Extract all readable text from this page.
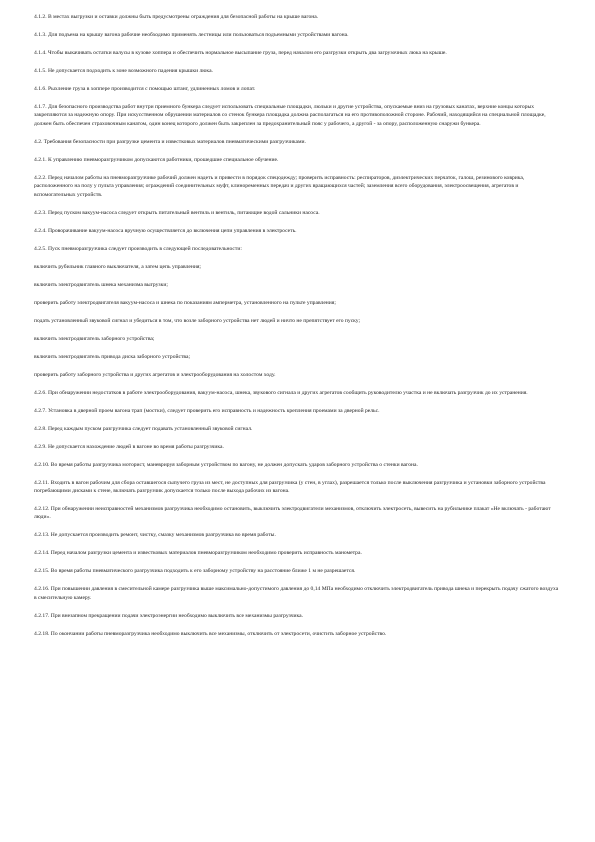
4.1.2. В местах выгрузки и оставки должны быть предусмотрены ограждения для безопасной работы на крыше вагона.

4.1.3. Для подъема на крышу вагона рабочие необходимо применять лестницы или пользоваться подъемными устройствами вагона.

4.1.4. Чтобы выкачивать остатки валусы в кузове хоппера и обеспечить нормальное высыпание груза, перед началом его разгрузки открыть два загрузочных люка на крыше.

4.1.5. Не допускается подходить к зоне возможного падения крышки люка.

4.1.6. Рыхление груза в хоппере производится с помощью штанг, удлиненных ломов и лопат.

4.1.7. Для безопасного производства работ внутри приемного бункера следует использовать специальные площадки, люльки и другие устройства, опускаемые вниз на грузовых канатах, верхние концы которых закрепляются за надежную опору. При искусственном обрушении материалов со стенок бункера площадка должна располагаться на его противоположной стороне. Рабочий, находящийся на специальной площадке, должен быть обеспечен страховочным канатом, один конец которого должен быть закреплен за предохранительный пояс у рабочего, а другой - за опору, расположенную снаружи бункера.

4.2. Требования безопасности при разгрузке цемента и известковых материалов пневматическими разгрузчиками.

4.2.1. К управлению пневморазгрузчиком допускаются работники, прошедшие специальное обучение.

4.2.2. Перед началом работы на пневморазгрузчике рабочий должен надеть и привести в порядок спецодежду; проверить исправность: респираторов, диэлектрических перчаток, галош, резинового коврика, расположенного на полу у пульта управления; ограждений соединительных муфт, клиноременных передач и других вращающихся частей; заземления всего оборудования, электроосвещения, агрегатов и вспомогательных устройств.

4.2.3. Перед пуском вакуум-насоса следует открыть питательный вентиль и вентиль, питающие водой сальники насоса.

4.2.4. Проворачивание вакуум-насоса вручную осуществляется до включения цепи управления в электросеть.

4.2.5. Пуск пневморазгрузчика следует производить в следующей последовательности:

включить рубильник главного выключателя, а затем цепь управления;

включить электродвигатель шнека механизма выгрузки;

проверить работу электродвигателя вакуум-насоса и шнека по показаниям амперметра, установленного на пульте управления;

подать установленный звуковой сигнал и убедиться в том, что возле заборного устройства нет людей и ничто не препятствует его пуску;

включить электродвигатель заборного устройства;

включить электродвигатель привода диска заборного устройства;

проверить работу заборного устройства и других агрегатов и электрооборудования на холостом ходу.

4.2.6. При обнаружении недостатков в работе электрооборудования, вакуум-насоса, шнека, звукового сигнала и других агрегатов сообщить руководителю участка и не включать разгрузчик до их устранения.

4.2.7. Установка в дверной проем вагона трап (мостки), следует проверить его исправность и надежность крепления проемами за дверной рельс.

4.2.8. Перед каждым пуском разгрузчика следует подавать установленный звуковой сигнал.

4.2.9. Не допускается нахождение людей в вагоне во время работы разгрузчика.

4.2.10. Во время работы разгрузчика моторист, маневрируя заборным устройством по вагону, не должен допускать ударов заборного устройства о стенки вагона.

4.2.11. Входить в вагон рабочим для сбора оставшегося сыпучего груза из мест, не доступных для разгрузчика (у стен, в углах), разрешается только после выключения разгрузчика и установки заборного устройства погребающими дисками к стене, включать разгрузчик допускается только после выхода рабочих из вагона.

4.2.12. При обнаружении неисправностей механизмов разгрузчика необходимо остановить, выключить электродвигатели механизмов, отключить электросеть, вывесить на рубильнике плакат «Не включать - работают люди».

4.2.13. Не допускается производить ремонт, чистку, смазку механизмов разгрузчика во время работы.

4.2.14. Перед началом разгрузки цемента и известковых материалов пневморазгрузчиком необходимо проверить исправность манометра.

4.2.15. Во время работы пневматического разгрузчика подходить к его заборному устройству на расстояние ближе 1 м не разрешается.

4.2.16. При повышении давления в смесительной камере разгрузчика выше максимально-допустимого давления до 0,14 МПа необходимо отключить электродвигатель привода шнека и перекрыть подачу сжатого воздуха в смесительную камеру.

4.2.17. При внезапном прекращении подачи электроэнергии необходимо выключить все механизмы разгрузчика.

4.2.18. По окончании работы пневморазгрузчика необходимо выключить все механизмы, отключить от электросети, очистить заборное устройство.
